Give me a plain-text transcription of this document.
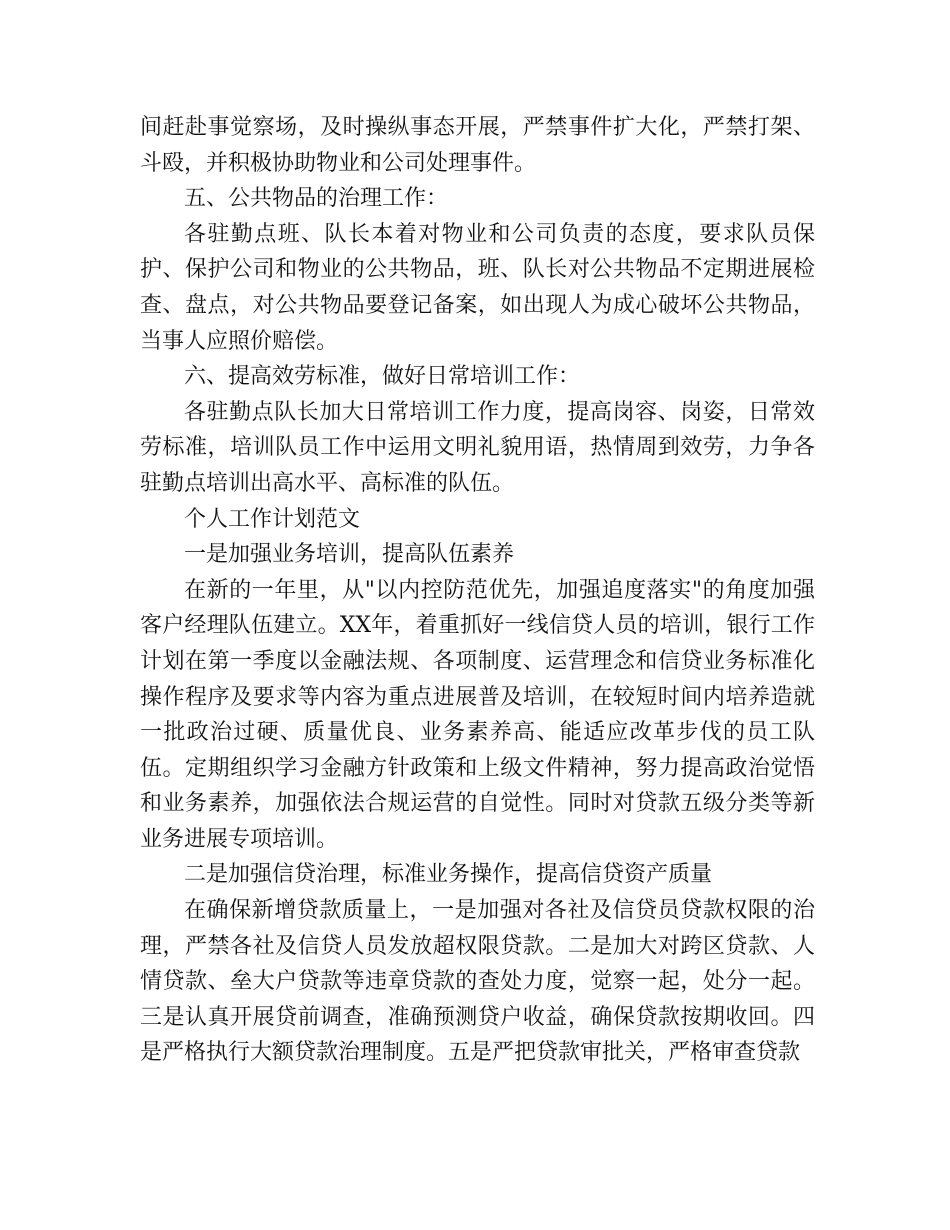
间赶赴事觉察场，及时操纵事态开展，严禁事件扩大化，严禁打架、斗殴，并积极协助物业和公司处理事件。

五、公共物品的治理工作：

各驻勤点班、队长本着对物业和公司负责的态度，要求队员保护、保护公司和物业的公共物品，班、队长对公共物品不定期进展检查、盘点，对公共物品要登记备案，如出现人为成心破坏公共物品，当事人应照价赔偿。

六、提高效劳标准，做好日常培训工作：

各驻勤点队长加大日常培训工作力度，提高岗容、岗姿，日常效劳标准，培训队员工作中运用文明礼貌用语，热情周到效劳，力争各驻勤点培训出高水平、高标准的队伍。

个人工作计划范文

一是加强业务培训，提高队伍素养

在新的一年里，从"以内控防范优先，加强追度落实"的角度加强客户经理队伍建立。XX年，着重抓好一线信贷人员的培训，银行工作计划在第一季度以金融法规、各项制度、运营理念和信贷业务标准化操作程序及要求等内容为重点进展普及培训，在较短时间内培养造就一批政治过硬、质量优良、业务素养高、能适应改革步伐的员工队伍。定期组织学习金融方针政策和上级文件精神，努力提高政治觉悟和业务素养，加强依法合规运营的自觉性。同时对贷款五级分类等新业务进展专项培训。

二是加强信贷治理，标准业务操作，提高信贷资产质量

在确保新增贷款质量上，一是加强对各社及信贷员贷款权限的治理，严禁各社及信贷人员发放超权限贷款。二是加大对跨区贷款、人情贷款、垒大户贷款等违章贷款的查处力度，觉察一起，处分一起。三是认真开展贷前调查，准确预测贷户收益，确保贷款按期收回。四是严格执行大额贷款治理制度。五是严把贷款审批关，严格审查贷款
